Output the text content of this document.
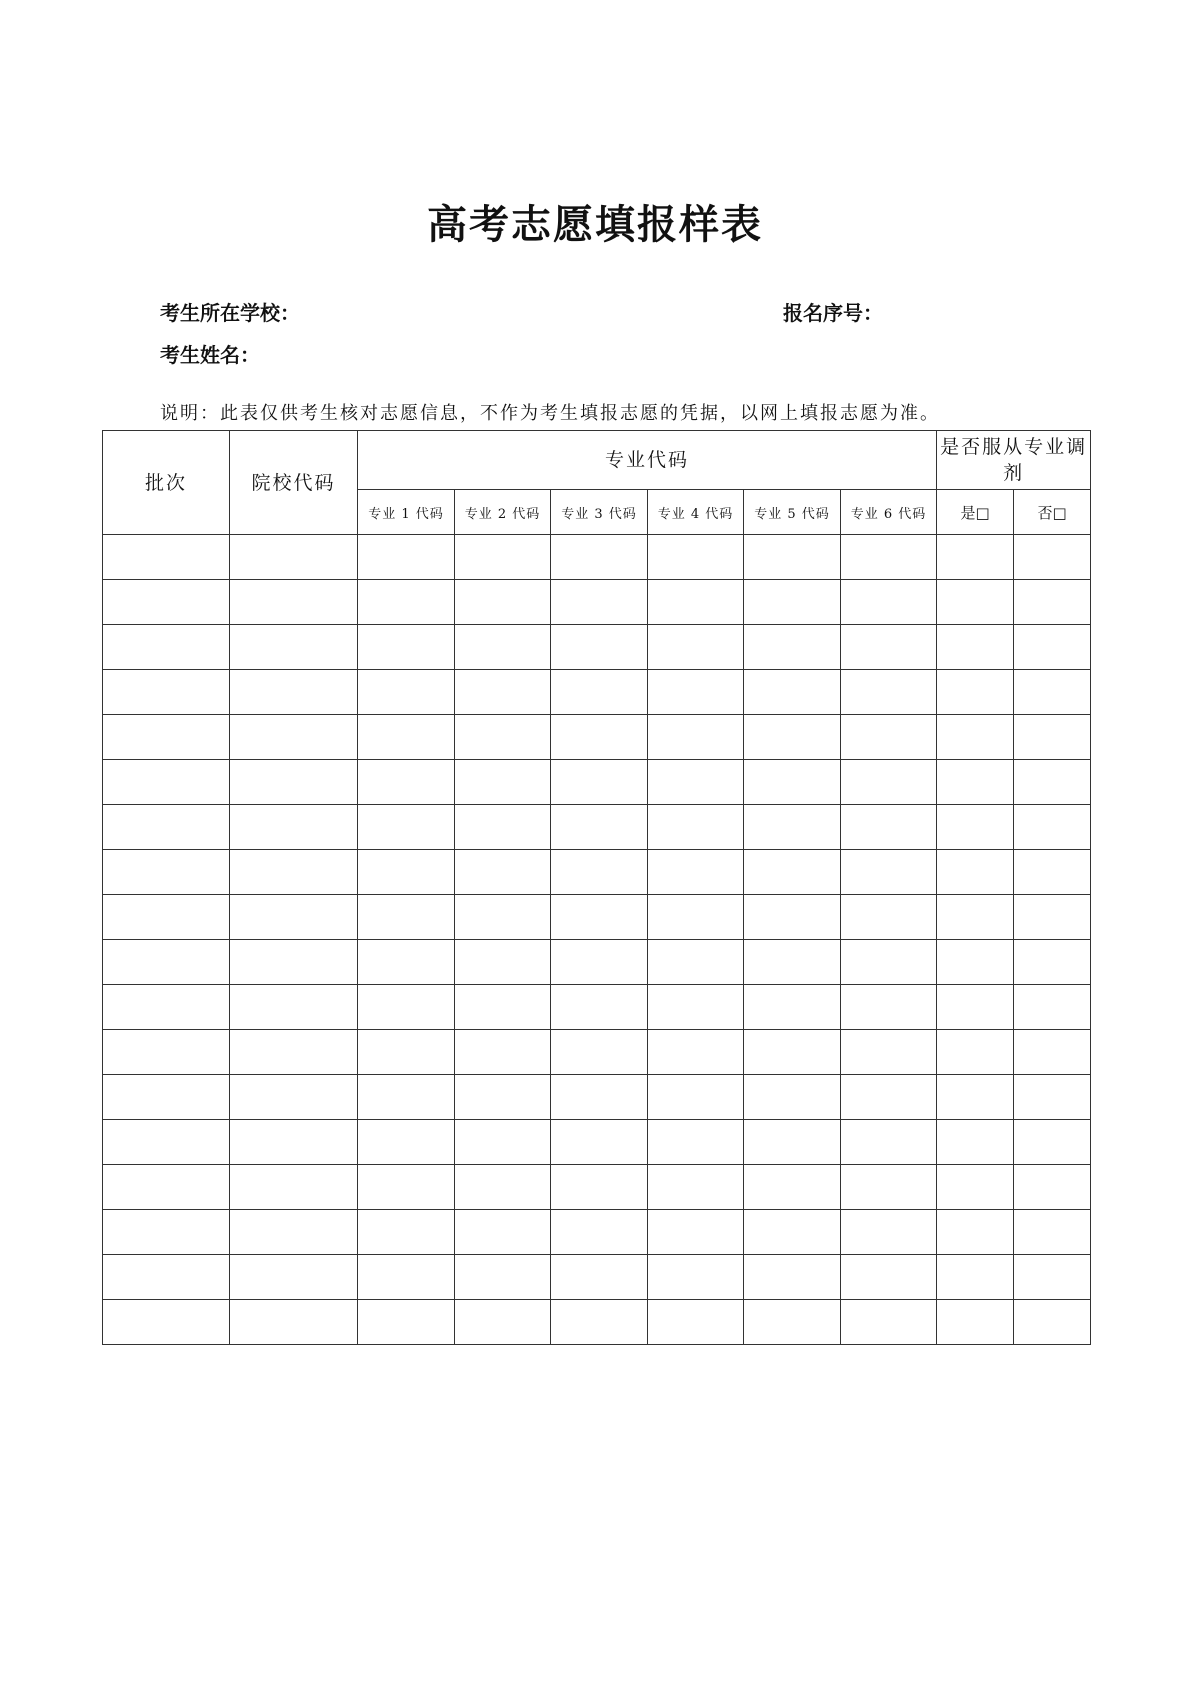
高考志愿填报样表
考生所在学校：	报名序号：
考生姓名：
说明：此表仅供考生核对志愿信息，不作为考生填报志愿的凭据，以网上填报志愿为准。
批次	院校代码	专业代码						是否服从专业调剂	
		专业 1 代码	专业 2 代码	专业 3 代码	专业 4 代码	专业 5 代码	专业 6 代码	是□	否□
